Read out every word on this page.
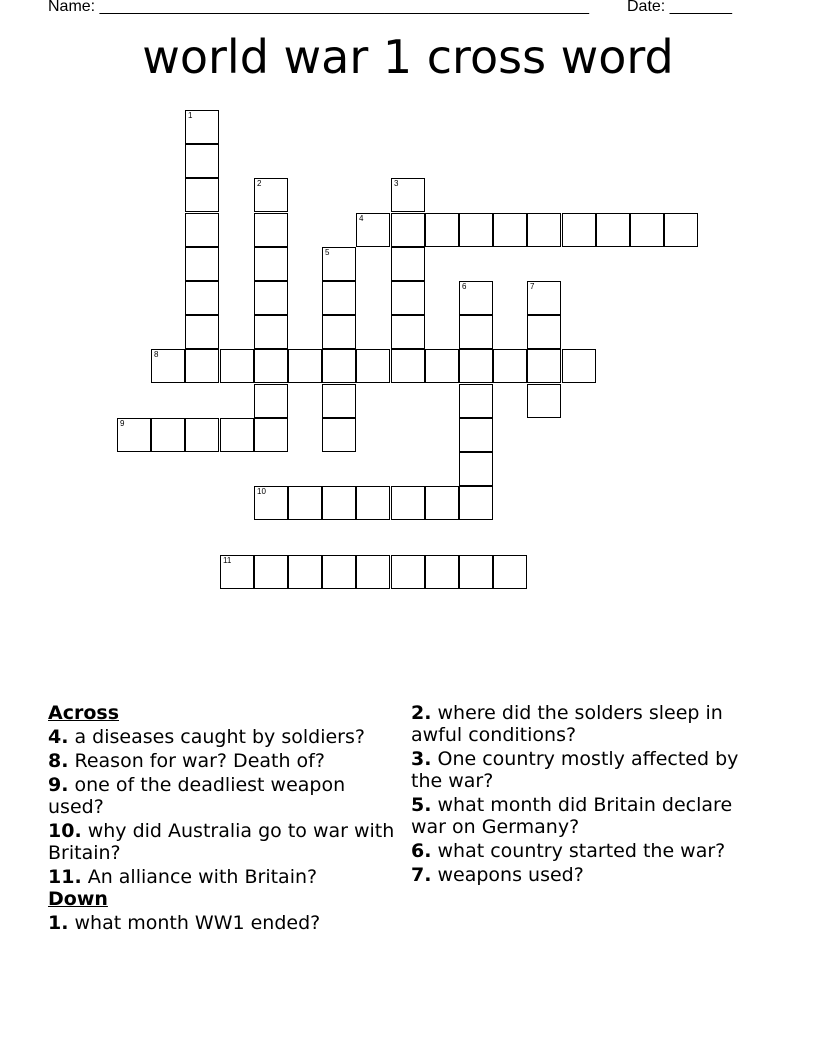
Name: _______________________________________________________ Date: _______
world war 1 cross word
1
2	3
4
5
6	7
8
9
10
11
Across
4. a diseases caught by soldiers?
8. Reason for war? Death of?
9. one of the deadliest weapon used?
10. why did Australia go to war with Britain?
11. An alliance with Britain?
Down
1. what month WW1 ended?
2. where did the solders sleep in awful conditions?
3. One country mostly affected by the war?
5. what month did Britain declare war on Germany?
6. what country started the war?
7. weapons used?
